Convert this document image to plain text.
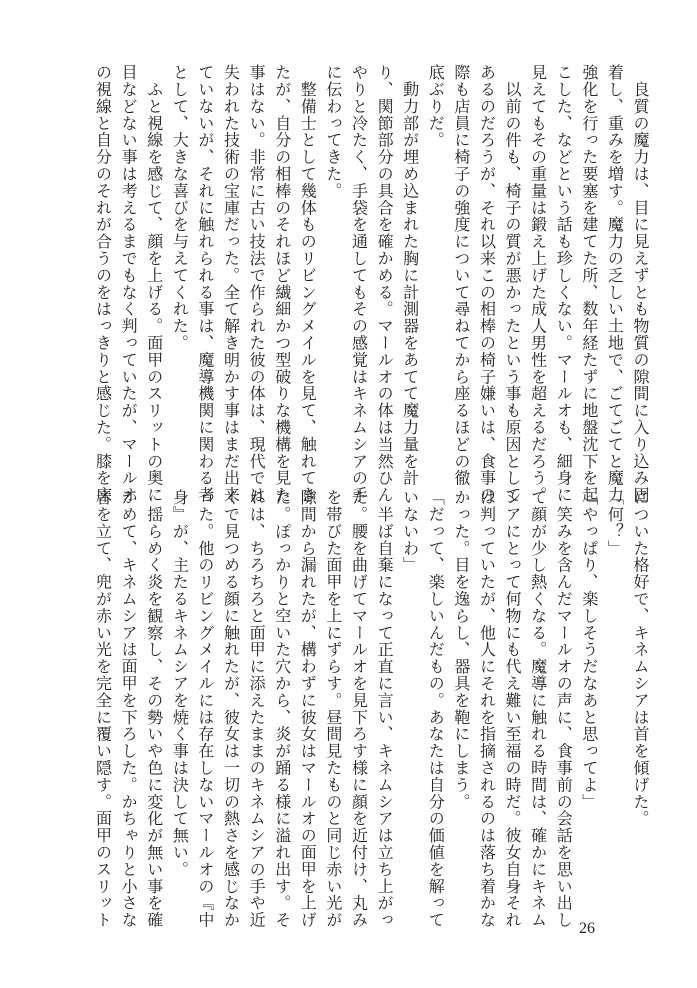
　良質の魔力は、目に見えずとも物質の隙間に入り込み固
着し、重みを増す。魔力の乏しい土地で、ごてごてと魔力
強化を行った要塞を建てた所、数年経たずに地盤沈下を起
こした、などという話も珍しくない。マールオも、細身に
見えてもその重量は鍛え上げた成人男性を超えるだろう。
　以前の件も、椅子の質が悪かったという事も原因として
あるのだろうが、それ以来この相棒の椅子嫌いは、食事の
際も店員に椅子の強度について尋ねてから座るほどの徹
底ぶりだ。
　動力部が埋め込まれた胸に計測器をあてて魔力量を計
り、関節部分の具合を確かめる。マールオの体は当然ひん
やりと冷たく、手袋を通してもその感覚はキネムシアの手
に伝わってきた。
　整備士として幾体ものリビングメイルを見て、触れてき
たが、自分の相棒のそれほど繊細かつ型破りな機構を見た
事はない。非常に古い技法で作られた彼の体は、現代では
失われた技術の宝庫だった。全て解き明かす事はまだ出来
ていないが、それに触れられる事は、魔導機関に関わる者
として、大きな喜びを与えてくれた。
　ふと視線を感じて、顔を上げる。面甲のスリットの奥に
目などない事は考えるまでもなく判っていたが、マールオ
の視線と自分のそれが合うのをはっきりと感じた。膝を床
についた格好で、キネムシアは首を傾げた。
「何？」
「やっぱり、楽しそうだなあと思ってよ」
　笑みを含んだマールオの声に、食事前の会話を思い出し
て顔が少し熱くなる。魔導に触れる時間は、確かにキネム
シアにとって何物にも代え難い至福の時だ。彼女自身それ
は判っていたが、他人にそれを指摘されるのは落ち着かな
かった。目を逸らし、器具を鞄にしまう。
「だって、楽しいんだもの。あなたは自分の価値を解って
いないわ」
　半ば自棄になって正直に言い、キネムシアは立ち上がっ
た。腰を曲げてマールオを見下ろす様に顔を近付け、丸み
を帯びた面甲を上にずらす。昼間見たものと同じ赤い光が
隙間から漏れたが、構わずに彼女はマールオの面甲を上げ
た。ぽっかりと空いた穴から、炎が踊る様に溢れ出す。そ
れは、ちろちろと面甲に添えたままのキネムシアの手や近
くで見つめる顔に触れたが、彼女は一切の熱さを感じなか
った。他のリビングメイルには存在しないマールオの『中
身』が、主たるキネムシアを焼く事は決して無い。
　揺らめく炎を観察し、その勢いや色に変化が無い事を確
かめて、キネムシアは面甲を下ろした。かちゃりと小さな
音を立て、兜が赤い光を完全に覆い隠す。面甲のスリット
26
